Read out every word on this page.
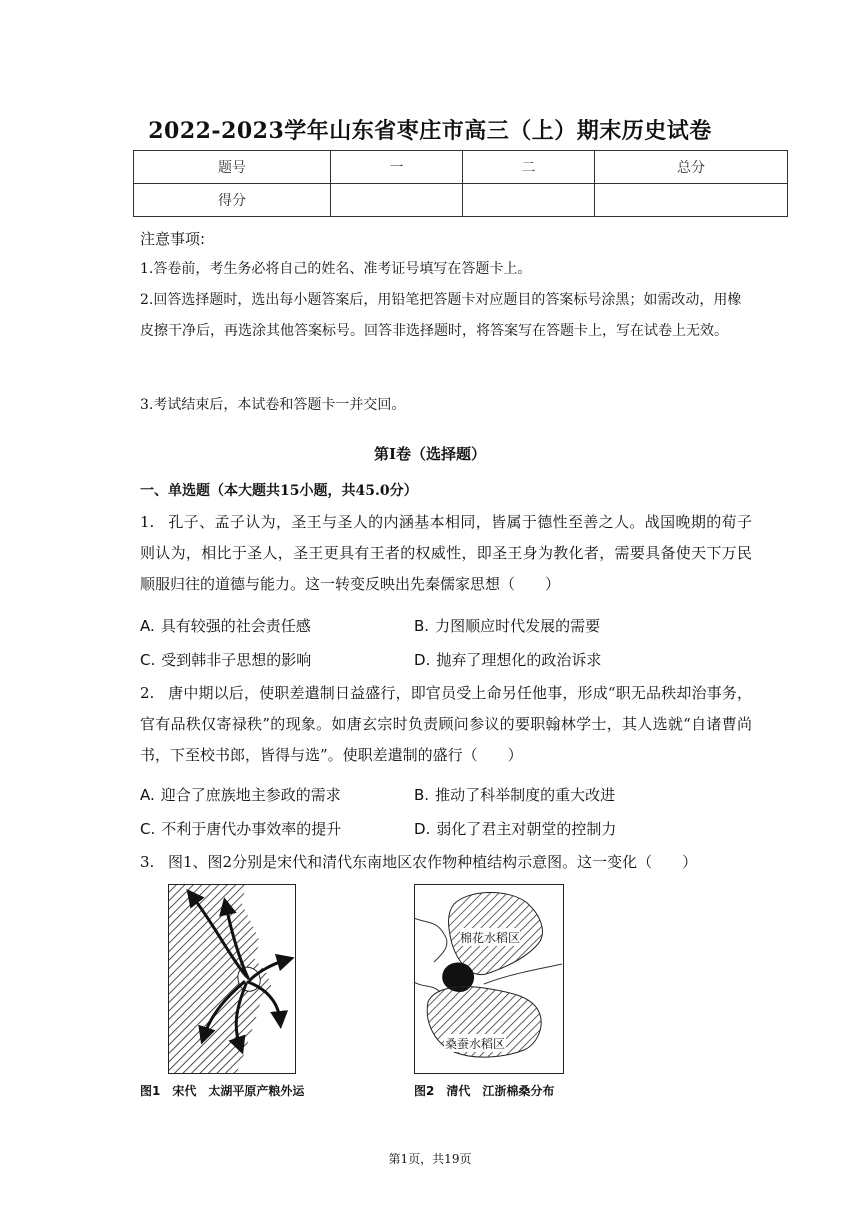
2022-2023学年山东省枣庄市高三（上）期末历史试卷
题号	一	二	总分
得分			
注意事项:

1.答卷前，考生务必将自己的姓名、准考证号填写在答题卡上。

2.回答选择题时，选出每小题答案后，用铅笔把答题卡对应题目的答案标号涂黑；如需改动，用橡皮擦干净后，再选涂其他答案标号。回答非选择题时，将答案写在答题卡上，写在试卷上无效。

3.考试结束后，本试卷和答题卡一并交回。

第I卷（选择题）
一、单选题（本大题共15小题，共45.0分）

1. 孔子、孟子认为，圣王与圣人的内涵基本相同，皆属于德性至善之人。战国晚期的荀子则认为，相比于圣人，圣王更具有王者的权威性，即圣王身为教化者，需要具备使天下万民顺服归往的道德与能力。这一转变反映出先秦儒家思想（　　）

A. 具有较强的社会责任感	B. 力图顺应时代发展的需要
C. 受到韩非子思想的影响	D. 抛弃了理想化的政治诉求

2. 唐中期以后，使职差遣制日益盛行，即官员受上命另任他事，形成“职无品秩却治事务，官有品秩仅寄禄秩”的现象。如唐玄宗时负责顾问参议的要职翰林学士，其人选就“自诸曹尚书，下至校书郎，皆得与选”。使职差遣制的盛行（　　）

A. 迎合了庶族地主参政的需求	B. 推动了科举制度的重大改进
C. 不利于唐代办事效率的提升	D. 弱化了君主对朝堂的控制力

3. 图1、图2分别是宋代和清代东南地区农作物种植结构示意图。这一变化（　　）

图1　宋代　太湖平原产粮外运
棉花水稻区
桑蚕水稻区
图2　清代　江浙棉桑分布
第1页，共19页
